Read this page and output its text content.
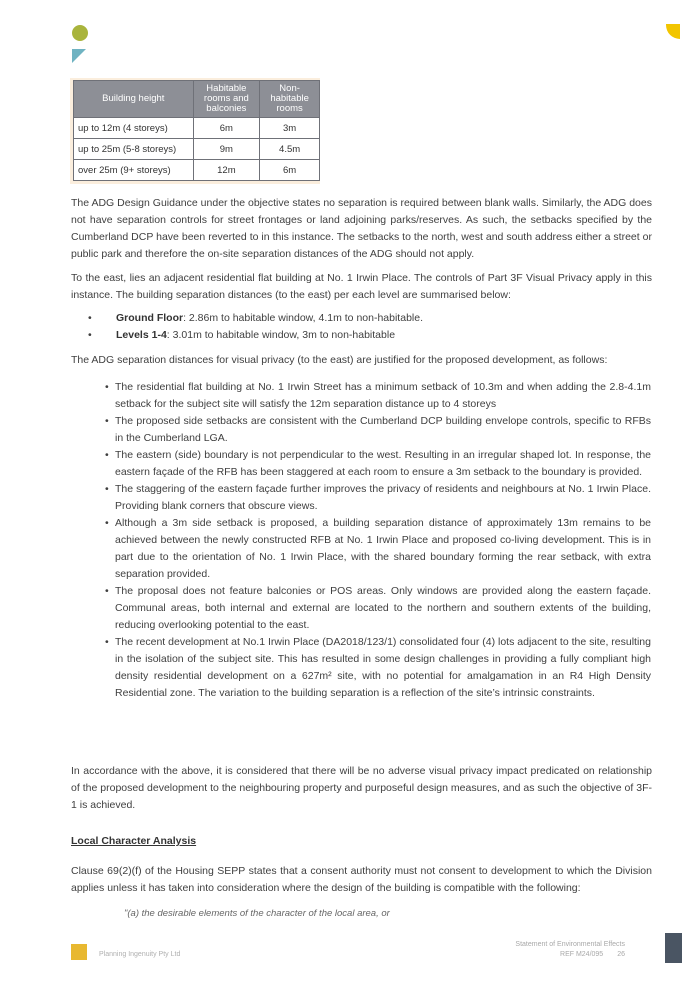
Building height	Habitable rooms and balconies	Non-habitable rooms
up to 12m (4 storeys)	6m	3m
up to 25m (5-8 storeys)	9m	4.5m
over 25m (9+ storeys)	12m	6m
The ADG Design Guidance under the objective states no separation is required between blank walls. Similarly, the ADG does not have separation controls for street frontages or land adjoining parks/reserves. As such, the setbacks specified by the Cumberland DCP have been reverted to in this instance. The setbacks to the north, west and south address either a street or public park and therefore the on-site separation distances of the ADG should not apply.
To the east, lies an adjacent residential flat building at No. 1 Irwin Place. The controls of Part 3F Visual Privacy apply in this instance. The building separation distances (to the east) per each level are summarised below:
• Ground Floor: 2.86m to habitable window, 4.1m to non-habitable.
• Levels 1-4: 3.01m to habitable window, 3m to non-habitable
The ADG separation distances for visual privacy (to the east) are justified for the proposed development, as follows:
• The residential flat building at No. 1 Irwin Street has a minimum setback of 10.3m and when adding the 2.8-4.1m setback for the subject site will satisfy the 12m separation distance up to 4 storeys
• The proposed side setbacks are consistent with the Cumberland DCP building envelope controls, specific to RFBs in the Cumberland LGA.
• The eastern (side) boundary is not perpendicular to the west. Resulting in an irregular shaped lot. In response, the eastern façade of the RFB has been staggered at each room to ensure a 3m setback to the boundary is provided.
• The staggering of the eastern façade further improves the privacy of residents and neighbours at No. 1 Irwin Place. Providing blank corners that obscure views.
• Although a 3m side setback is proposed, a building separation distance of approximately 13m remains to be achieved between the newly constructed RFB at No. 1 Irwin Place and proposed co-living development. This is in part due to the orientation of No. 1 Irwin Place, with the shared boundary forming the rear setback, with extra separation provided.
• The proposal does not feature balconies or POS areas. Only windows are provided along the eastern façade. Communal areas, both internal and external are located to the northern and southern extents of the building, reducing overlooking potential to the east.
• The recent development at No.1 Irwin Place (DA2018/123/1) consolidated four (4) lots adjacent to the site, resulting in the isolation of the subject site. This has resulted in some design challenges in providing a fully compliant high density residential development on a 627m² site, with no potential for amalgamation in an R4 High Density Residential zone. The variation to the building separation is a reflection of the site’s intrinsic constraints.
In accordance with the above, it is considered that there will be no adverse visual privacy impact predicated on relationship of the proposed development to the neighbouring property and purposeful design measures, and as such the objective of 3F-1 is achieved.
Local Character Analysis
Clause 69(2)(f) of the Housing SEPP states that a consent authority must not consent to development to which the Division applies unless it has taken into consideration where the design of the building is compatible with the following:
"(a) the desirable elements of the character of the local area, or
Planning Ingenuity Pty Ltd
Statement of Environmental Effects
REF M24/095 26
